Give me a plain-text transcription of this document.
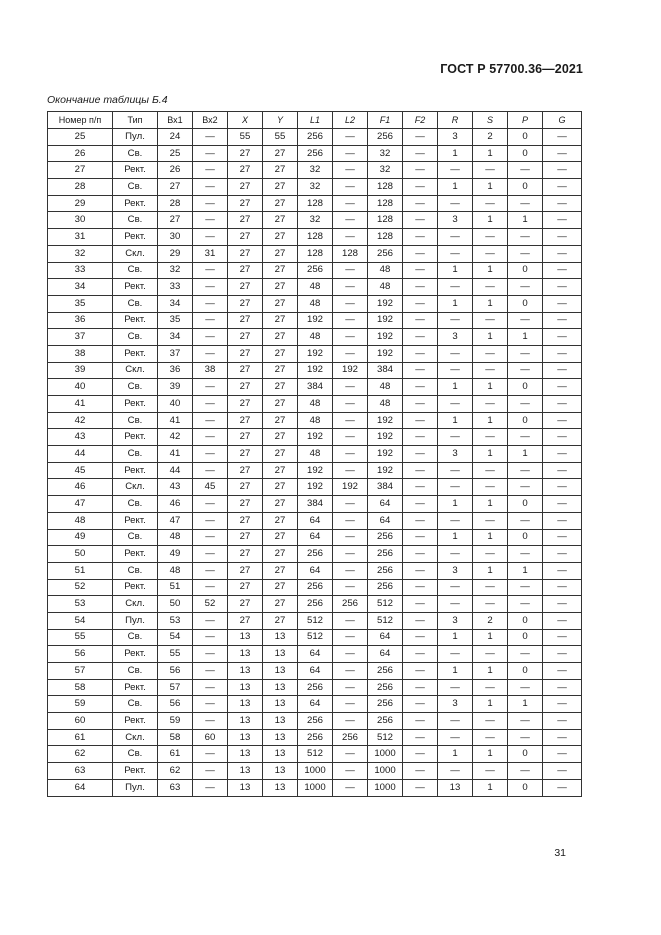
ГОСТ Р 57700.36—2021
Окончание таблицы Б.4
Номер п/п	Тип	Вх1	Вх2	X	Y	L1	L2	F1	F2	R	S	P	G
25	Пул.	24	—	55	55	256	—	256	—	3	2	0	—
26	Св.	25	—	27	27	256	—	32	—	1	1	0	—
27	Рект.	26	—	27	27	32	—	32	—	—	—	—	—
28	Св.	27	—	27	27	32	—	128	—	1	1	0	—
29	Рект.	28	—	27	27	128	—	128	—	—	—	—	—
30	Св.	27	—	27	27	32	—	128	—	3	1	1	—
31	Рект.	30	—	27	27	128	—	128	—	—	—	—	—
32	Скл.	29	31	27	27	128	128	256	—	—	—	—	—
33	Св.	32	—	27	27	256	—	48	—	1	1	0	—
34	Рект.	33	—	27	27	48	—	48	—	—	—	—	—
35	Св.	34	—	27	27	48	—	192	—	1	1	0	—
36	Рект.	35	—	27	27	192	—	192	—	—	—	—	—
37	Св.	34	—	27	27	48	—	192	—	3	1	1	—
38	Рект.	37	—	27	27	192	—	192	—	—	—	—	—
39	Скл.	36	38	27	27	192	192	384	—	—	—	—	—
40	Св.	39	—	27	27	384	—	48	—	1	1	0	—
41	Рект.	40	—	27	27	48	—	48	—	—	—	—	—
42	Св.	41	—	27	27	48	—	192	—	1	1	0	—
43	Рект.	42	—	27	27	192	—	192	—	—	—	—	—
44	Св.	41	—	27	27	48	—	192	—	3	1	1	—
45	Рект.	44	—	27	27	192	—	192	—	—	—	—	—
46	Скл.	43	45	27	27	192	192	384	—	—	—	—	—
47	Св.	46	—	27	27	384	—	64	—	1	1	0	—
48	Рект.	47	—	27	27	64	—	64	—	—	—	—	—
49	Св.	48	—	27	27	64	—	256	—	1	1	0	—
50	Рект.	49	—	27	27	256	—	256	—	—	—	—	—
51	Св.	48	—	27	27	64	—	256	—	3	1	1	—
52	Рект.	51	—	27	27	256	—	256	—	—	—	—	—
53	Скл.	50	52	27	27	256	256	512	—	—	—	—	—
54	Пул.	53	—	27	27	512	—	512	—	3	2	0	—
55	Св.	54	—	13	13	512	—	64	—	1	1	0	—
56	Рект.	55	—	13	13	64	—	64	—	—	—	—	—
57	Св.	56	—	13	13	64	—	256	—	1	1	0	—
58	Рект.	57	—	13	13	256	—	256	—	—	—	—	—
59	Св.	56	—	13	13	64	—	256	—	3	1	1	—
60	Рект.	59	—	13	13	256	—	256	—	—	—	—	—
61	Скл.	58	60	13	13	256	256	512	—	—	—	—	—
62	Св.	61	—	13	13	512	—	1000	—	1	1	0	—
63	Рект.	62	—	13	13	1000	—	1000	—	—	—	—	—
64	Пул.	63	—	13	13	1000	—	1000	—	13	1	0	—
31
